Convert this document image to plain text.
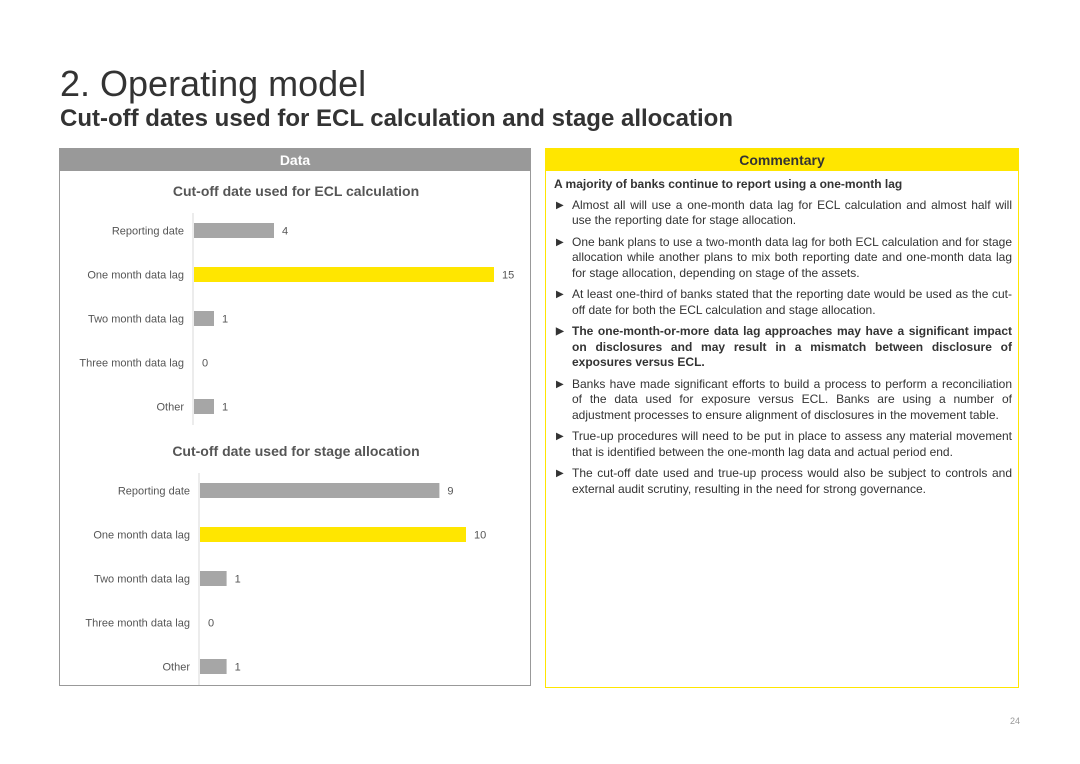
2. Operating model
Cut-off dates used for ECL calculation and stage allocation
Data
Cut-off date used for ECL calculation
Reporting date	4
One month data lag	15
Two month data lag	1
Three month data lag 0
Other	1
Cut-off date used for stage allocation
Reporting date	9
One month data lag	10
Two month data lag	1
Three month data lag 0
Other	1
Commentary

A majority of banks continue to report using a one-month lag

▶ Almost all will use a one-month data lag for ECL calculation and almost half will use the reporting date for stage allocation.
▶ One bank plans to use a two-month data lag for both ECL calculation and for stage allocation while another plans to mix both reporting date and one-month data lag for stage allocation, depending on stage of the assets.
▶ At least one-third of banks stated that the reporting date would be used as the cut-off date for both the ECL calculation and stage allocation.
▶ The one-month-or-more data lag approaches may have a significant impact on disclosures and may result in a mismatch between disclosure of exposures versus ECL.
▶ Banks have made significant efforts to build a process to perform a reconciliation of the data used for exposure versus ECL. Banks are using a number of adjustment processes to ensure alignment of disclosures in the movement table.
▶ True-up procedures will need to be put in place to assess any material movement that is identified between the one-month lag data and actual period end.
▶ The cut-off date used and true-up process would also be subject to controls and external audit scrutiny, resulting in the need for strong governance.
24
